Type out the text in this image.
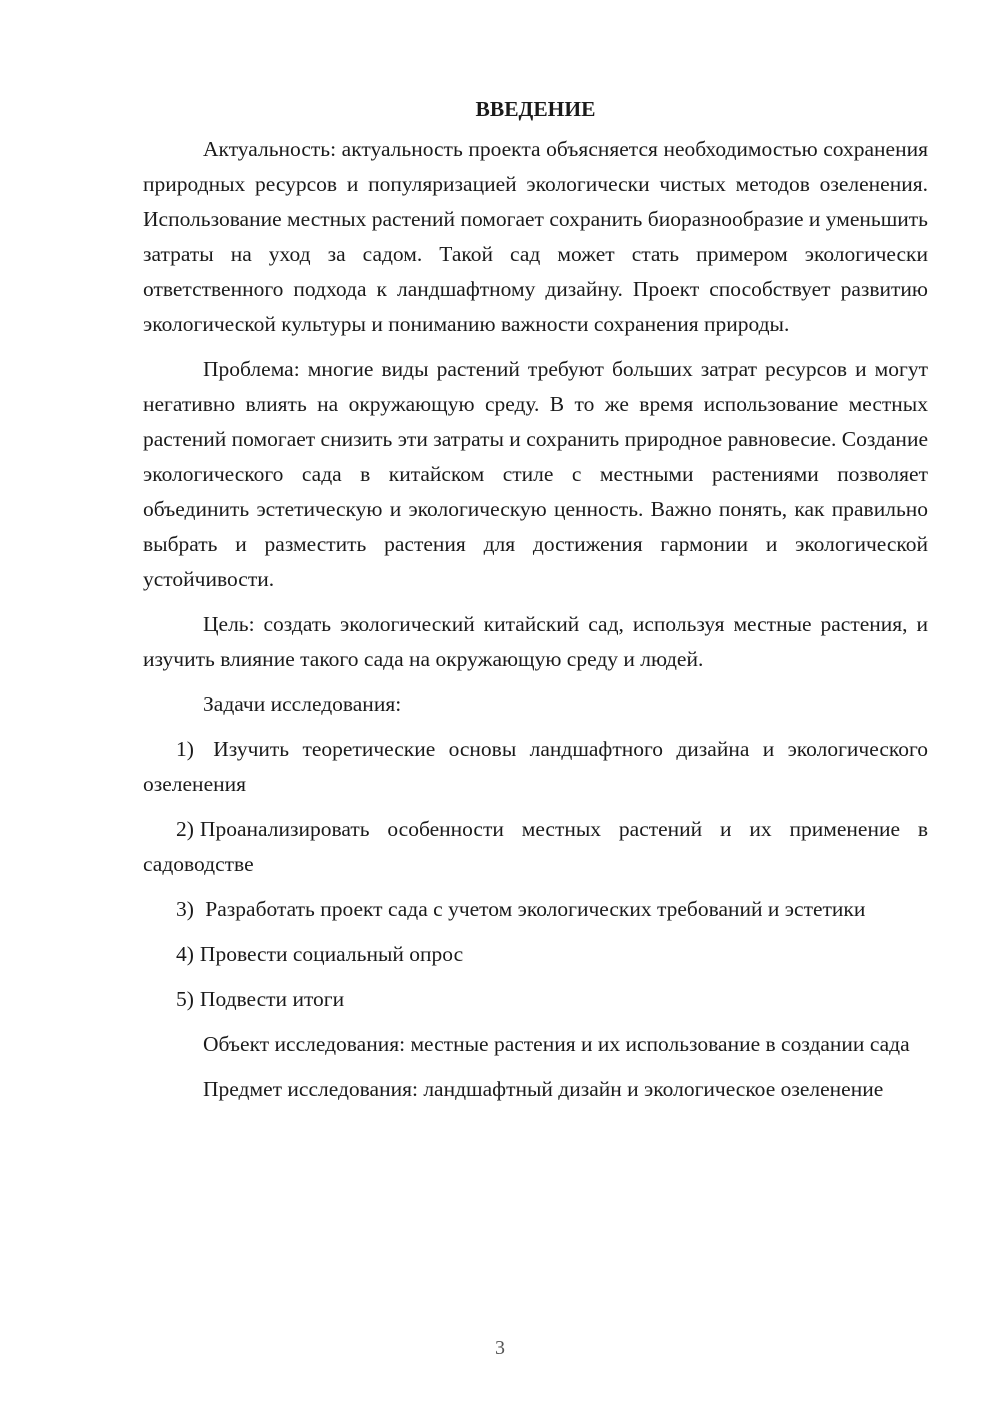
ВВЕДЕНИЕ

Актуальность: актуальность проекта объясняется необходимостью сохранения природных ресурсов и популяризацией экологически чистых методов озеленения. Использование местных растений помогает сохранить биоразнообразие и уменьшить затраты на уход за садом. Такой сад может стать примером экологически ответственного подхода к ландшафтному дизайну. Проект способствует развитию экологической культуры и пониманию важности сохранения природы.

Проблема: многие виды растений требуют больших затрат ресурсов и могут негативно влиять на окружающую среду. В то же время использование местных растений помогает снизить эти затраты и сохранить природное равновесие. Создание экологического сада в китайском стиле с местными растениями позволяет объединить эстетическую и экологическую ценность. Важно понять, как правильно выбрать и разместить растения для достижения гармонии и экологической устойчивости.

Цель: создать экологический китайский сад, используя местные растения, и изучить влияние такого сада на окружающую среду и людей.

Задачи исследования:

1) Изучить теоретические основы ландшафтного дизайна и экологического озеленения
2) Проанализировать особенности местных растений и их применение в садоводстве
3) Разработать проект сада с учетом экологических требований и эстетики
4) Провести социальный опрос
5) Подвести итоги

Объект исследования: местные растения и их использование в создании сада

Предмет исследования: ландшафтный дизайн и экологическое озеленение

3
